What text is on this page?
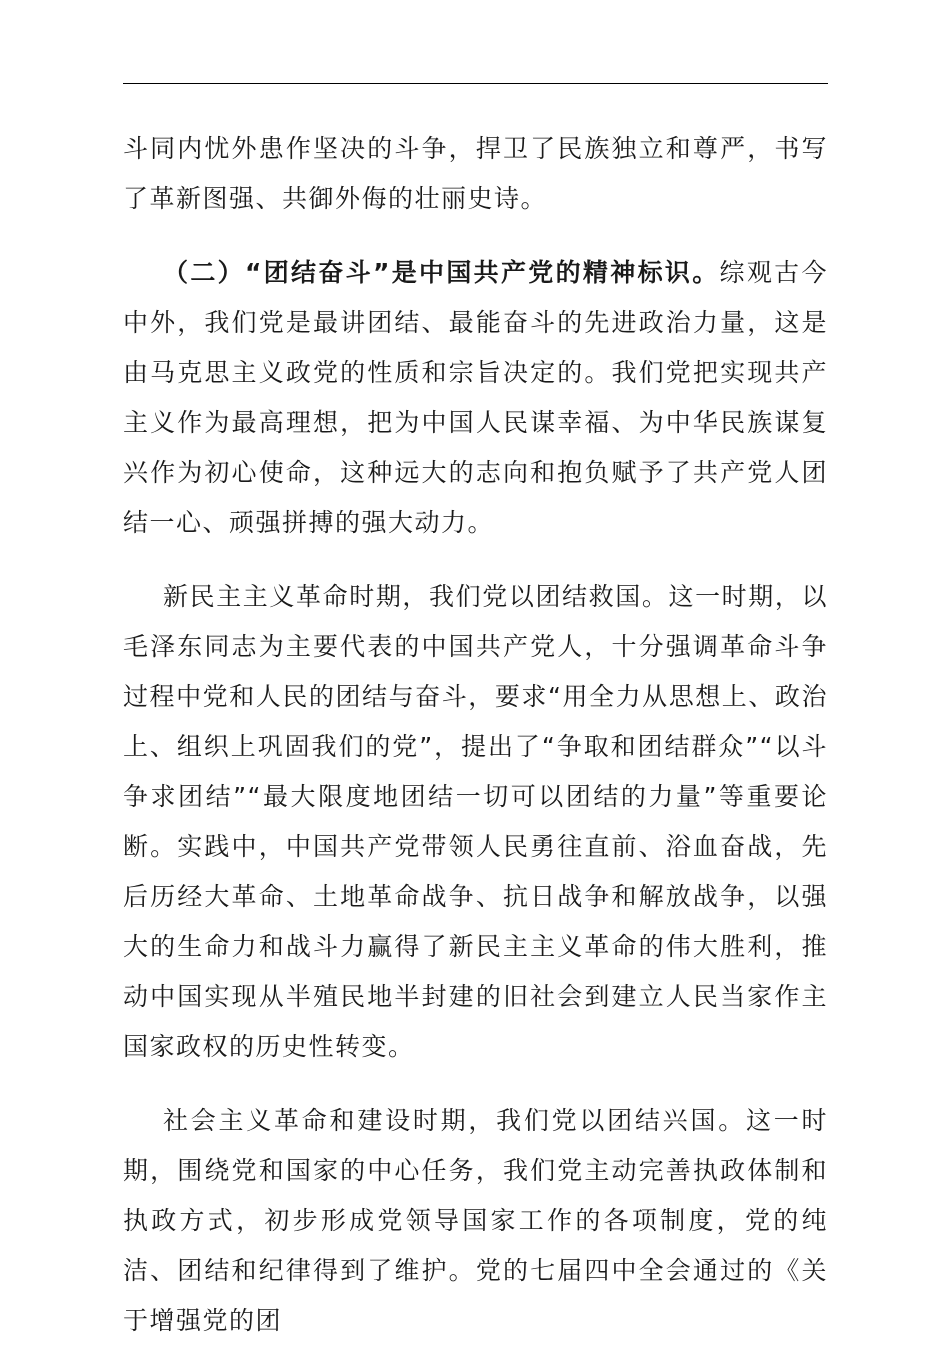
斗同内忧外患作坚决的斗争，捍卫了民族独立和尊严，书写了革新图强、共御外侮的壮丽史诗。

（二）“团结奋斗”是中国共产党的精神标识。综观古今中外，我们党是最讲团结、最能奋斗的先进政治力量，这是由马克思主义政党的性质和宗旨决定的。我们党把实现共产主义作为最高理想，把为中国人民谋幸福、为中华民族谋复兴作为初心使命，这种远大的志向和抱负赋予了共产党人团结一心、顽强拼搏的强大动力。

新民主主义革命时期，我们党以团结救国。这一时期，以毛泽东同志为主要代表的中国共产党人，十分强调革命斗争过程中党和人民的团结与奋斗，要求“用全力从思想上、政治上、组织上巩固我们的党”，提出了“争取和团结群众”“以斗争求团结”“最大限度地团结一切可以团结的力量”等重要论断。实践中，中国共产党带领人民勇往直前、浴血奋战，先后历经大革命、土地革命战争、抗日战争和解放战争，以强大的生命力和战斗力赢得了新民主主义革命的伟大胜利，推动中国实现从半殖民地半封建的旧社会到建立人民当家作主国家政权的历史性转变。

社会主义革命和建设时期，我们党以团结兴国。这一时期，围绕党和国家的中心任务，我们党主动完善执政体制和执政方式，初步形成党领导国家工作的各项制度，党的纯洁、团结和纪律得到了维护。党的七届四中全会通过的《关于增强党的团
